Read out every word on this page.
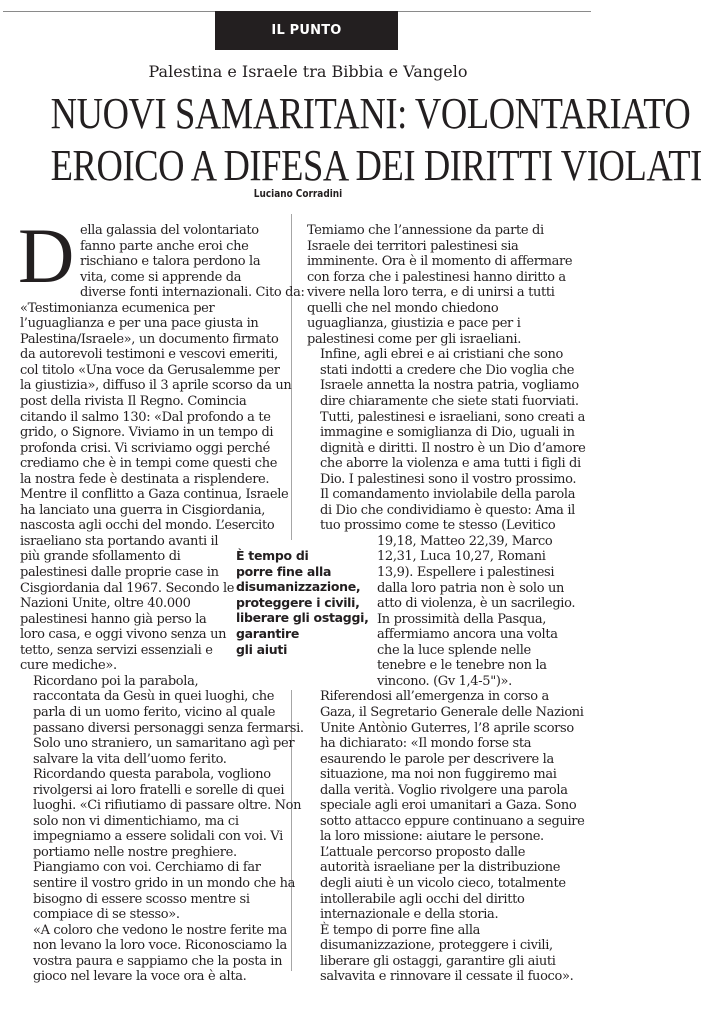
IL PUNTO
Palestina e Israele tra Bibbia e Vangelo
NUOVI SAMARITANI: VOLONTARIATO
EROICO A DIFESA DEI DIRITTI VIOLATI
Luciano Corradini

D ella galassia del volontariato
fanno parte anche eroi che
rischiano e talora perdono la
vita, come si apprende da
diverse fonti internazionali. Cito da:
«Testimonianza ecumenica per
l’uguaglianza e per una pace giusta in
Palestina/Israele», un documento firmato
da autorevoli testimoni e vescovi emeriti,
col titolo «Una voce da Gerusalemme per
la giustizia», diffuso il 3 aprile scorso da un
post della rivista Il Regno. Comincia
citando il salmo 130: «Dal profondo a te
grido, o Signore. Viviamo in un tempo di
profonda crisi. Vi scriviamo oggi perché
crediamo che è in tempi come questi che
la nostra fede è destinata a risplendere.
Mentre il conflitto a Gaza continua, Israele
ha lanciato una guerra in Cisgiordania,
nascosta agli occhi del mondo. L’esercito
israeliano sta portando avanti il
più grande sfollamento di
palestinesi dalle proprie case in
Cisgiordania dal 1967. Secondo le
Nazioni Unite, oltre 40.000
palestinesi hanno già perso la
loro casa, e oggi vivono senza un
tetto, senza servizi essenziali e
cure mediche».

Ricordano poi la parabola,
raccontata da Gesù in quei luoghi, che
parla di un uomo ferito, vicino al quale
passano diversi personaggi senza fermarsi.
Solo uno straniero, un samaritano agì per
salvare la vita dell’uomo ferito.

Ricordando questa parabola, vogliono
rivolgersi ai loro fratelli e sorelle di quei
luoghi. «Ci rifiutiamo di passare oltre. Non
solo non vi dimentichiamo, ma ci
impegniamo a essere solidali con voi. Vi
portiamo nelle nostre preghiere.
Piangiamo con voi. Cerchiamo di far
sentire il vostro grido in un mondo che ha
bisogno di essere scosso mentre si
compiace di se stesso».

«A coloro che vedono le nostre ferite ma
non levano la loro voce. Riconosciamo la
vostra paura e sappiamo che la posta in
gioco nel levare la voce ora è alta.

È tempo di
porre fine alla
disumanizzazione,
proteggere i civili,
liberare gli ostaggi,
garantire
gli aiuti

Temiamo che l’annessione da parte di
Israele dei territori palestinesi sia
imminente. Ora è il momento di affermare
con forza che i palestinesi hanno diritto a
vivere nella loro terra, e di unirsi a tutti
quelli che nel mondo chiedono
uguaglianza, giustizia e pace per i
palestinesi come per gli israeliani.

Infine, agli ebrei e ai cristiani che sono
stati indotti a credere che Dio voglia che
Israele annetta la nostra patria, vogliamo
dire chiaramente che siete stati fuorviati.
Tutti, palestinesi e israeliani, sono creati a
immagine e somiglianza di Dio, uguali in
dignità e diritti. Il nostro è un Dio d’amore
che aborre la violenza e ama tutti i figli di
Dio. I palestinesi sono il vostro prossimo.
Il comandamento inviolabile della parola
di Dio che condividiamo è questo: Ama il
tuo prossimo come te stesso (Levitico

19,18, Matteo 22,39, Marco
12,31, Luca 10,27, Romani
13,9). Espellere i palestinesi
dalla loro patria non è solo un
atto di violenza, è un sacrilegio.
In prossimità della Pasqua,
affermiamo ancora una volta
che la luce splende nelle
tenebre e le tenebre non la
vincono. (Gv 1,4-5")».

Riferendosi all’emergenza in corso a
Gaza, il Segretario Generale delle Nazioni
Unite Antònio Guterres, l’8 aprile scorso
ha dichiarato: «Il mondo forse sta
esaurendo le parole per descrivere la
situazione, ma noi non fuggiremo mai
dalla verità. Voglio rivolgere una parola
speciale agli eroi umanitari a Gaza. Sono
sotto attacco eppure continuano a seguire
la loro missione: aiutare le persone.

L’attuale percorso proposto dalle
autorità israeliane per la distribuzione
degli aiuti è un vicolo cieco, totalmente
intollerabile agli occhi del diritto
internazionale e della storia.

È tempo di porre fine alla
disumanizzazione, proteggere i civili,
liberare gli ostaggi, garantire gli aiuti
salvavita e rinnovare il cessate il fuoco».
